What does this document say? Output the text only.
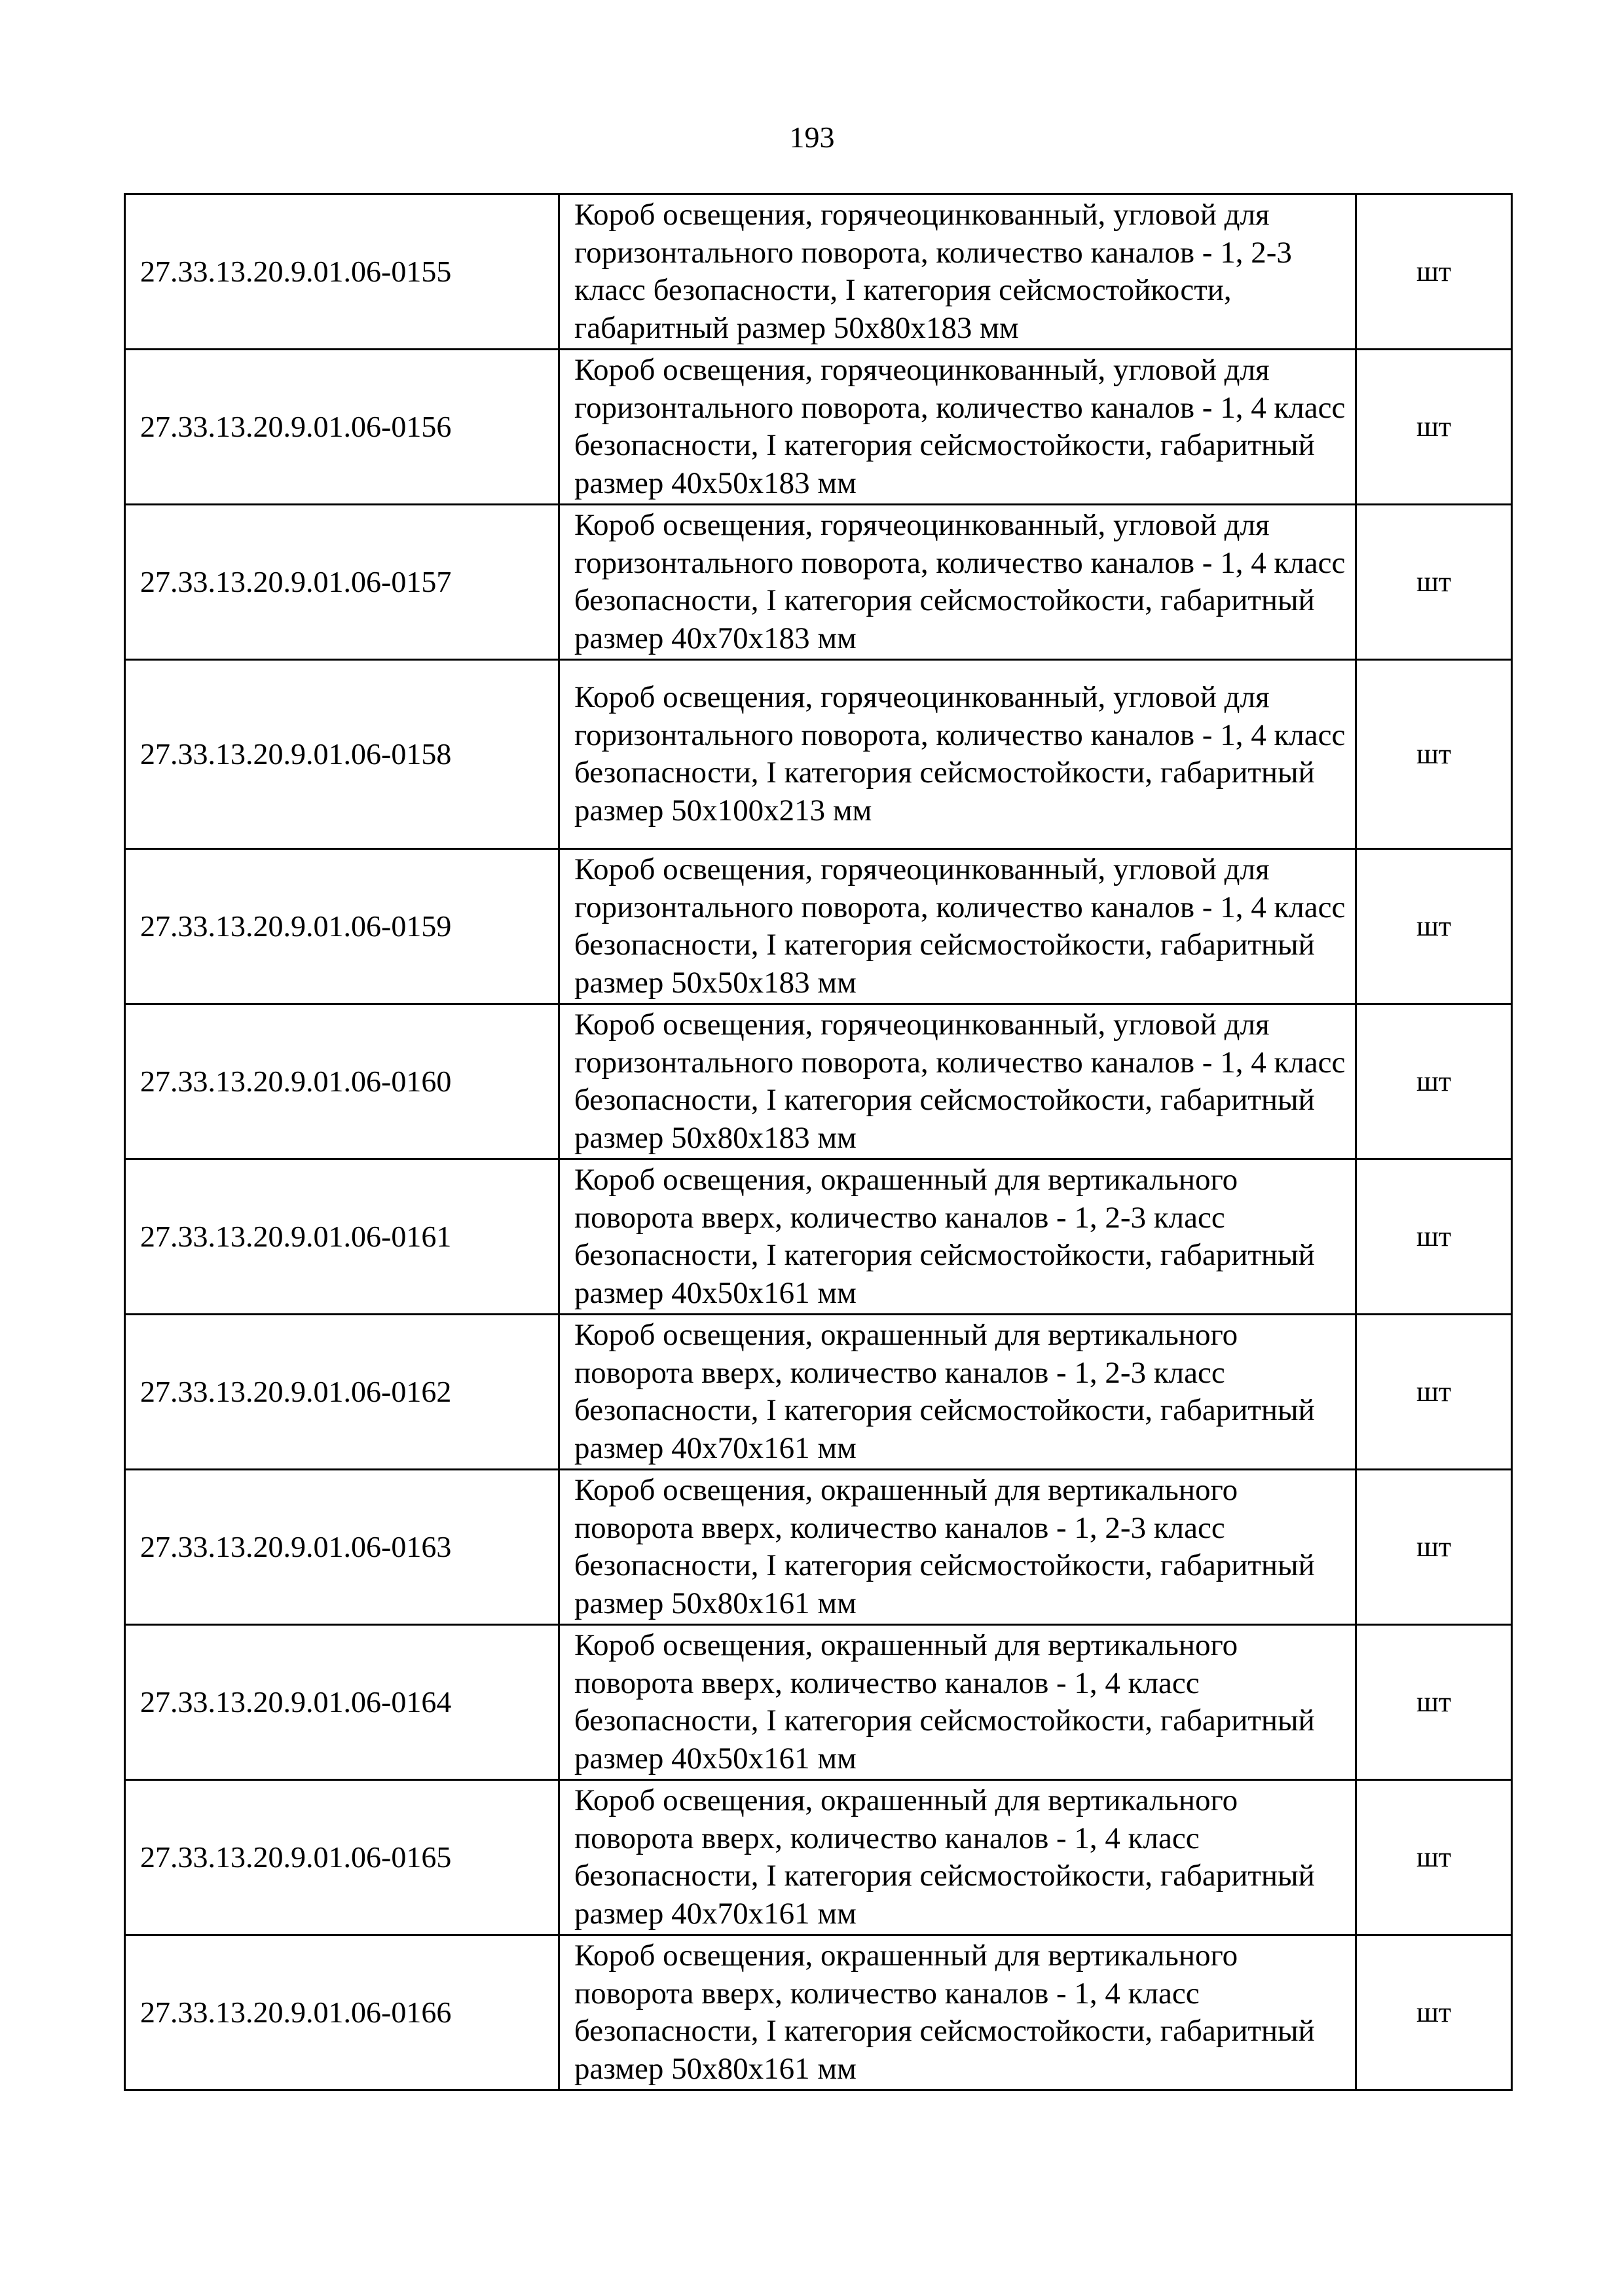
193
27.33.13.20.9.01.06-0155	Короб освещения, горячеоцинкованный, угловой для горизонтального поворота, количество каналов - 1, 2-3 класс безопасности, I категория сейсмостойкости, габаритный размер 50x80x183 мм	шт
27.33.13.20.9.01.06-0156	Короб освещения, горячеоцинкованный, угловой для горизонтального поворота, количество каналов - 1, 4 класс безопасности, I категория сейсмостойкости, габаритный размер 40x50x183 мм	шт
27.33.13.20.9.01.06-0157	Короб освещения, горячеоцинкованный, угловой для горизонтального поворота, количество каналов - 1, 4 класс безопасности, I категория сейсмостойкости, габаритный размер 40x70x183 мм	шт
27.33.13.20.9.01.06-0158	Короб освещения, горячеоцинкованный, угловой для горизонтального поворота, количество каналов - 1, 4 класс безопасности, I категория сейсмостойкости, габаритный размер 50x100x213 мм	шт
27.33.13.20.9.01.06-0159	Короб освещения, горячеоцинкованный, угловой для горизонтального поворота, количество каналов - 1, 4 класс безопасности, I категория сейсмостойкости, габаритный размер 50x50x183 мм	шт
27.33.13.20.9.01.06-0160	Короб освещения, горячеоцинкованный, угловой для горизонтального поворота, количество каналов - 1, 4 класс безопасности, I категория сейсмостойкости, габаритный размер 50x80x183 мм	шт
27.33.13.20.9.01.06-0161	Короб освещения, окрашенный для вертикального поворота вверх, количество каналов - 1, 2-3 класс безопасности, I категория сейсмостойкости, габаритный размер 40x50x161 мм	шт
27.33.13.20.9.01.06-0162	Короб освещения, окрашенный для вертикального поворота вверх, количество каналов - 1, 2-3 класс безопасности, I категория сейсмостойкости, габаритный размер 40x70x161 мм	шт
27.33.13.20.9.01.06-0163	Короб освещения, окрашенный для вертикального поворота вверх, количество каналов - 1, 2-3 класс безопасности, I категория сейсмостойкости, габаритный размер 50x80x161 мм	шт
27.33.13.20.9.01.06-0164	Короб освещения, окрашенный для вертикального поворота вверх, количество каналов - 1, 4 класс безопасности, I категория сейсмостойкости, габаритный размер 40x50x161 мм	шт
27.33.13.20.9.01.06-0165	Короб освещения, окрашенный для вертикального поворота вверх, количество каналов - 1, 4 класс безопасности, I категория сейсмостойкости, габаритный размер 40x70x161 мм	шт
27.33.13.20.9.01.06-0166	Короб освещения, окрашенный для вертикального поворота вверх, количество каналов - 1, 4 класс безопасности, I категория сейсмостойкости, габаритный размер 50x80x161 мм	шт
